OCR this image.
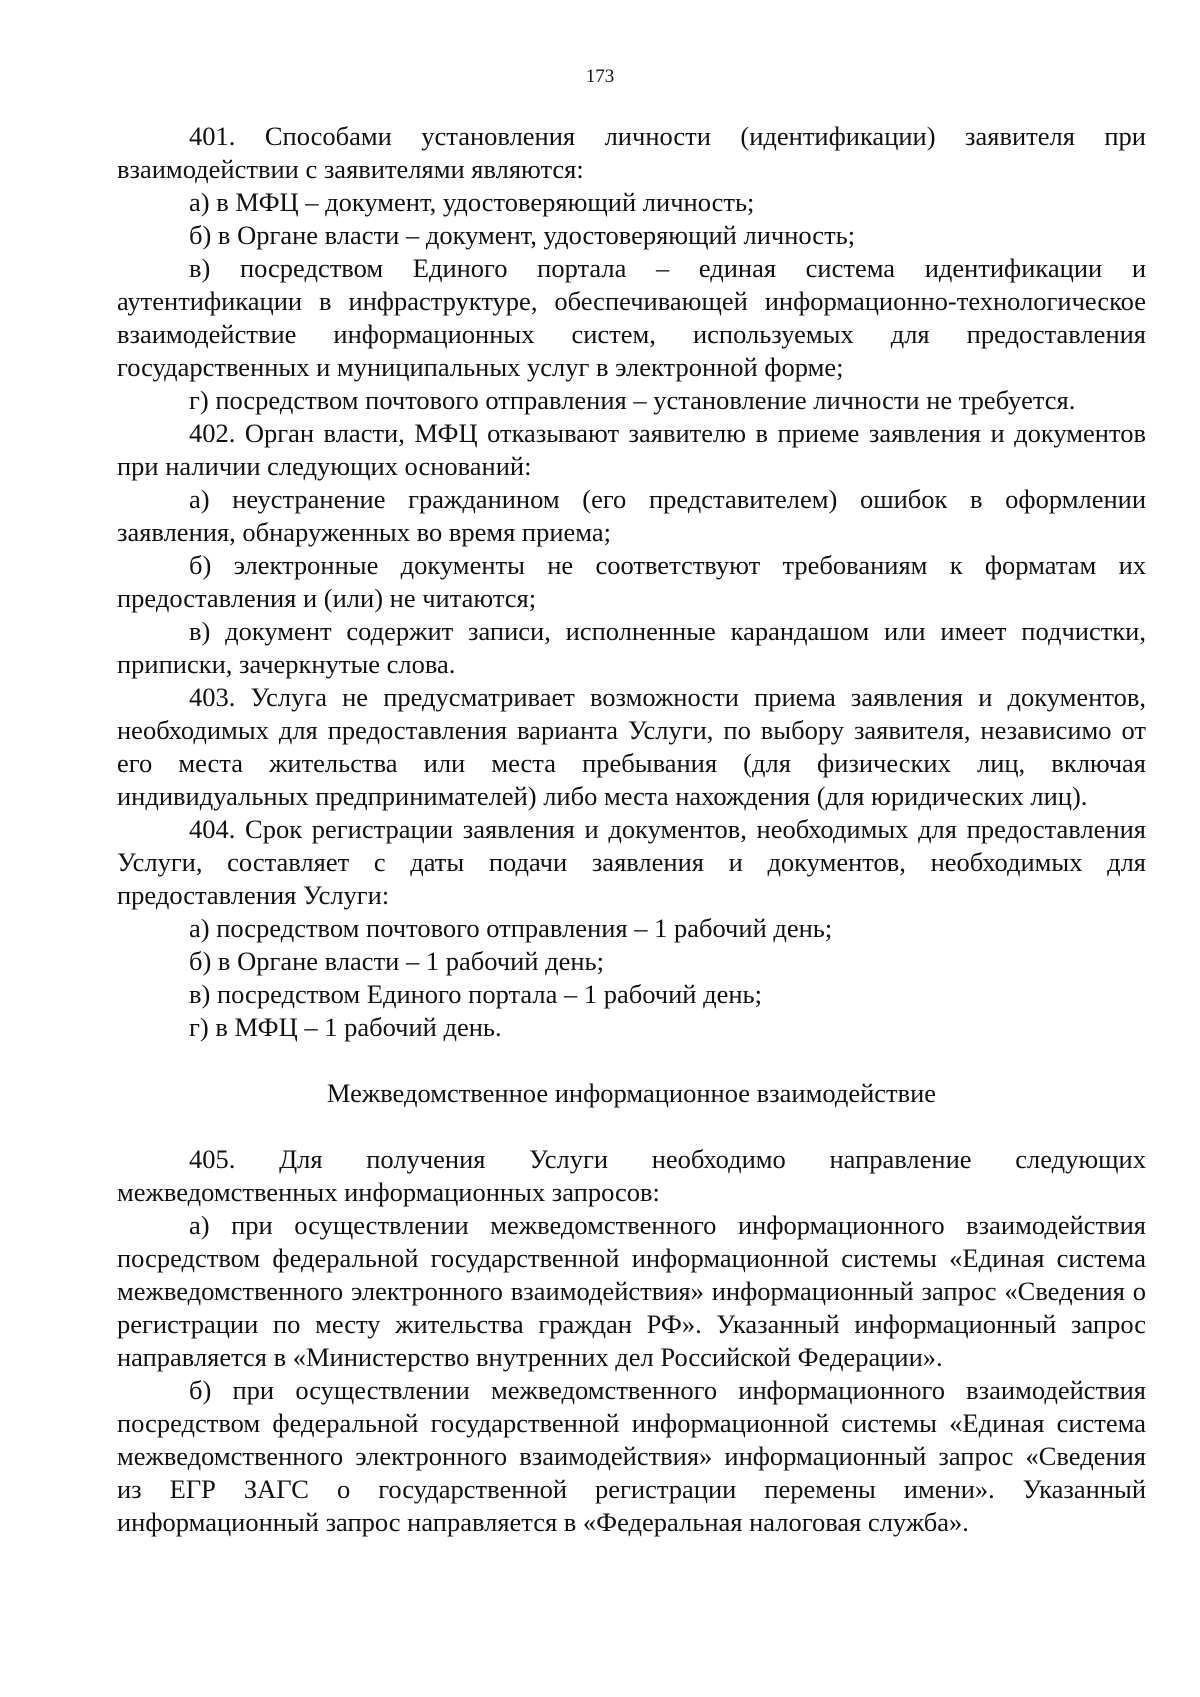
173

401. Способами установления личности (идентификации) заявителя при взаимодействии с заявителями являются:

а) в МФЦ – документ, удостоверяющий личность;

б) в Органе власти – документ, удостоверяющий личность;

в) посредством Единого портала – единая система идентификации и аутентификации в инфраструктуре, обеспечивающей информационно-технологическое взаимодействие информационных систем, используемых для предоставления государственных и муниципальных услуг в электронной форме;

г) посредством почтового отправления – установление личности не требуется.

402. Орган власти, МФЦ отказывают заявителю в приеме заявления и документов при наличии следующих оснований:

а) неустранение гражданином (его представителем) ошибок в оформлении заявления, обнаруженных во время приема;

б) электронные документы не соответствуют требованиям к форматам их предоставления и (или) не читаются;

в) документ содержит записи, исполненные карандашом или имеет подчистки, приписки, зачеркнутые слова.

403. Услуга не предусматривает возможности приема заявления и документов, необходимых для предоставления варианта Услуги, по выбору заявителя, независимо от его места жительства или места пребывания (для физических лиц, включая индивидуальных предпринимателей) либо места нахождения (для юридических лиц).

404. Срок регистрации заявления и документов, необходимых для предоставления Услуги, составляет с даты подачи заявления и документов, необходимых для предоставления Услуги:

а) посредством почтового отправления – 1 рабочий день;

б) в Органе власти – 1 рабочий день;

в) посредством Единого портала – 1 рабочий день;

г) в МФЦ – 1 рабочий день.

Межведомственное информационное взаимодействие

405. Для получения Услуги необходимо направление следующих межведомственных информационных запросов:

а) при осуществлении межведомственного информационного взаимодействия посредством федеральной государственной информационной системы «Единая система межведомственного электронного взаимодействия» информационный запрос «Сведения о регистрации по месту жительства граждан РФ». Указанный информационный запрос направляется в «Министерство внутренних дел Российской Федерации».

б) при осуществлении межведомственного информационного взаимодействия посредством федеральной государственной информационной системы «Единая система межведомственного электронного взаимодействия» информационный запрос «Сведения из ЕГР ЗАГС о государственной регистрации перемены имени». Указанный информационный запрос направляется в «Федеральная налоговая служба».
